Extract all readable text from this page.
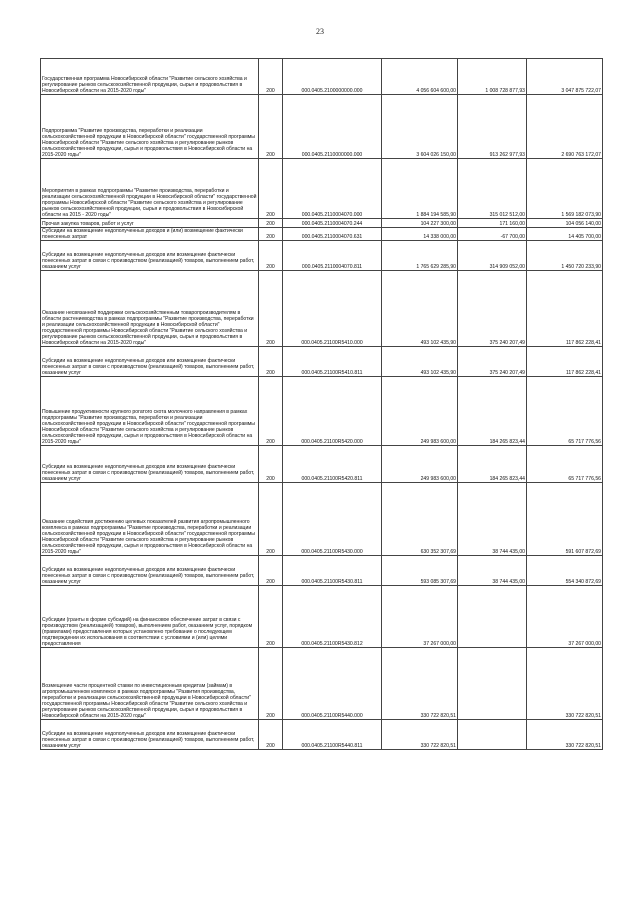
23
Государственная программа Новосибирской области "Развитие сельского хозяйства и регулирование рынков сельскохозяйственной продукции, сырья и продовольствия в Новосибирской области на 2015-2020 годы"	200	000.0405.2100000000.000	4 056 604 600,00	1 008 728 877,93	3 047 875 722,07
Подпрограмма "Развитие производства, переработки и реализации сельскохозяйственной продукции в Новосибирской области" государственной программы Новосибирской области "Развитие сельского хозяйства и регулирование рынков сельскохозяйственной продукции, сырья и продовольствия в Новосибирской области на 2015-2020 годы"	200	000.0405.2110000000.000	3 604 026 150,00	913 262 977,93	2 690 763 172,07
Мероприятия в рамках подпрограммы "Развитие производства, переработки и реализации сельскохозяйственной продукции в Новосибирской области" государственной программы Новосибирской области "Развитие сельского хозяйства и регулирование рынков сельскохозяйственной продукции, сырья и продовольствия в Новосибирской области на 2015 - 2020 годы"	200	000.0405.2110004070.000	1 884 194 585,90	315 012 512,00	1 569 182 073,90
Прочая закупка товаров, работ и услуг	200	000.0405.2110004070.244	104 227 300,00	171 160,00	104 056 140,00
Субсидии на возмещение недополученных доходов и (или) возмещение фактически понесенных затрат	200	000.0405.2110004070.631	14 338 000,00	-67 700,00	14 405 700,00
Субсидии на возмещение недополученных доходов или возмещение фактически понесенных затрат в связи с производством (реализацией) товаров, выполнением работ, оказанием услуг	200	000.0405.2110004070.811	1 765 629 285,90	314 909 052,00	1 450 720 233,90
Оказание несвязанной поддержки сельскохозяйственным товаропроизводителям в области растениеводства в рамках подпрограммы "Развитие производства, переработки и реализации сельскохозяйственной продукции в Новосибирской области" государственной программы Новосибирской области "Развитие сельского хозяйства и регулирование рынков сельскохозяйственной продукции, сырья и продовольствия в Новосибирской области на 2015-2020 годы"	200	000.0405.21100R5410.000	493 102 435,90	375 240 207,49	117 862 228,41
Субсидии на возмещение недополученных доходов или возмещение фактически понесенных затрат в связи с производством (реализацией) товаров, выполнением работ, оказанием услуг	200	000.0405.21100R5410.811	493 102 435,90	375 240 207,49	117 862 228,41
Повышение продуктивности крупного рогатого скота молочного направления в рамках подпрограммы "Развитие производства, переработки и реализации сельскохозяйственной продукции в Новосибирской области" государственной программы Новосибирской области "Развитие сельского хозяйства и регулирование рынков сельскохозяйственной продукции, сырья и продовольствия в Новосибирской области на 2015-2020 годы"	200	000.0405.21100R5420.000	249 983 600,00	184 265 823,44	65 717 776,56
Субсидии на возмещение недополученных доходов или возмещение фактически понесенных затрат в связи с производством (реализацией) товаров, выполнением работ, оказанием услуг	200	000.0405.21100R5420.811	249 983 600,00	184 265 823,44	65 717 776,56
Оказание содействия достижению целевых показателей развития агропромышленного комплекса в рамках подпрограммы "Развитие производства, переработки и реализации сельскохозяйственной продукции в Новосибирской области" государственной программы Новосибирской области "Развитие сельского хозяйства и регулирование рынков сельскохозяйственной продукции, сырья и продовольствия в Новосибирской области на 2015-2020 годы"	200	000.0405.21100R5430.000	630 352 307,69	38 744 435,00	591 607 872,69
Субсидии на возмещение недополученных доходов или возмещение фактически понесенных затрат в связи с производством (реализацией) товаров, выполнением работ, оказанием услуг	200	000.0405.21100R5430.811	593 085 307,69	38 744 435,00	554 340 872,69
Субсидии (гранты в форме субсидий) на финансовое обеспечение затрат в связи с производством (реализацией) товаров), выполнением работ, оказанием услуг, порядком (правилами) предоставления которых установлено требование о последующем подтверждении их использования в соответствии с условиями и (или) целями предоставления	200	000.0405.21100R5430.812	37 267 000,00		37 267 000,00
Возмещение части процентной ставки по инвестиционным кредитам (займам) в агропромышленном комплексе в рамках подпрограммы "Развития производства, переработки и реализации сельскохозяйственной продукции в Новосибирской области" государственной программы Новосибирской области "Развитие сельского хозяйства и регулирование рынков сельскохозяйственной продукции, сырья и продовольствия в Новосибирской области на 2015-2020 годы"	200	000.0405.21100R5440.000	330 722 820,51		330 722 820,51
Субсидии на возмещение недополученных доходов или возмещение фактически понесенных затрат в связи с производством (реализацией) товаров, выполнением работ, оказанием услуг	200	000.0405.21100R5440.811	330 722 820,51		330 722 820,51
